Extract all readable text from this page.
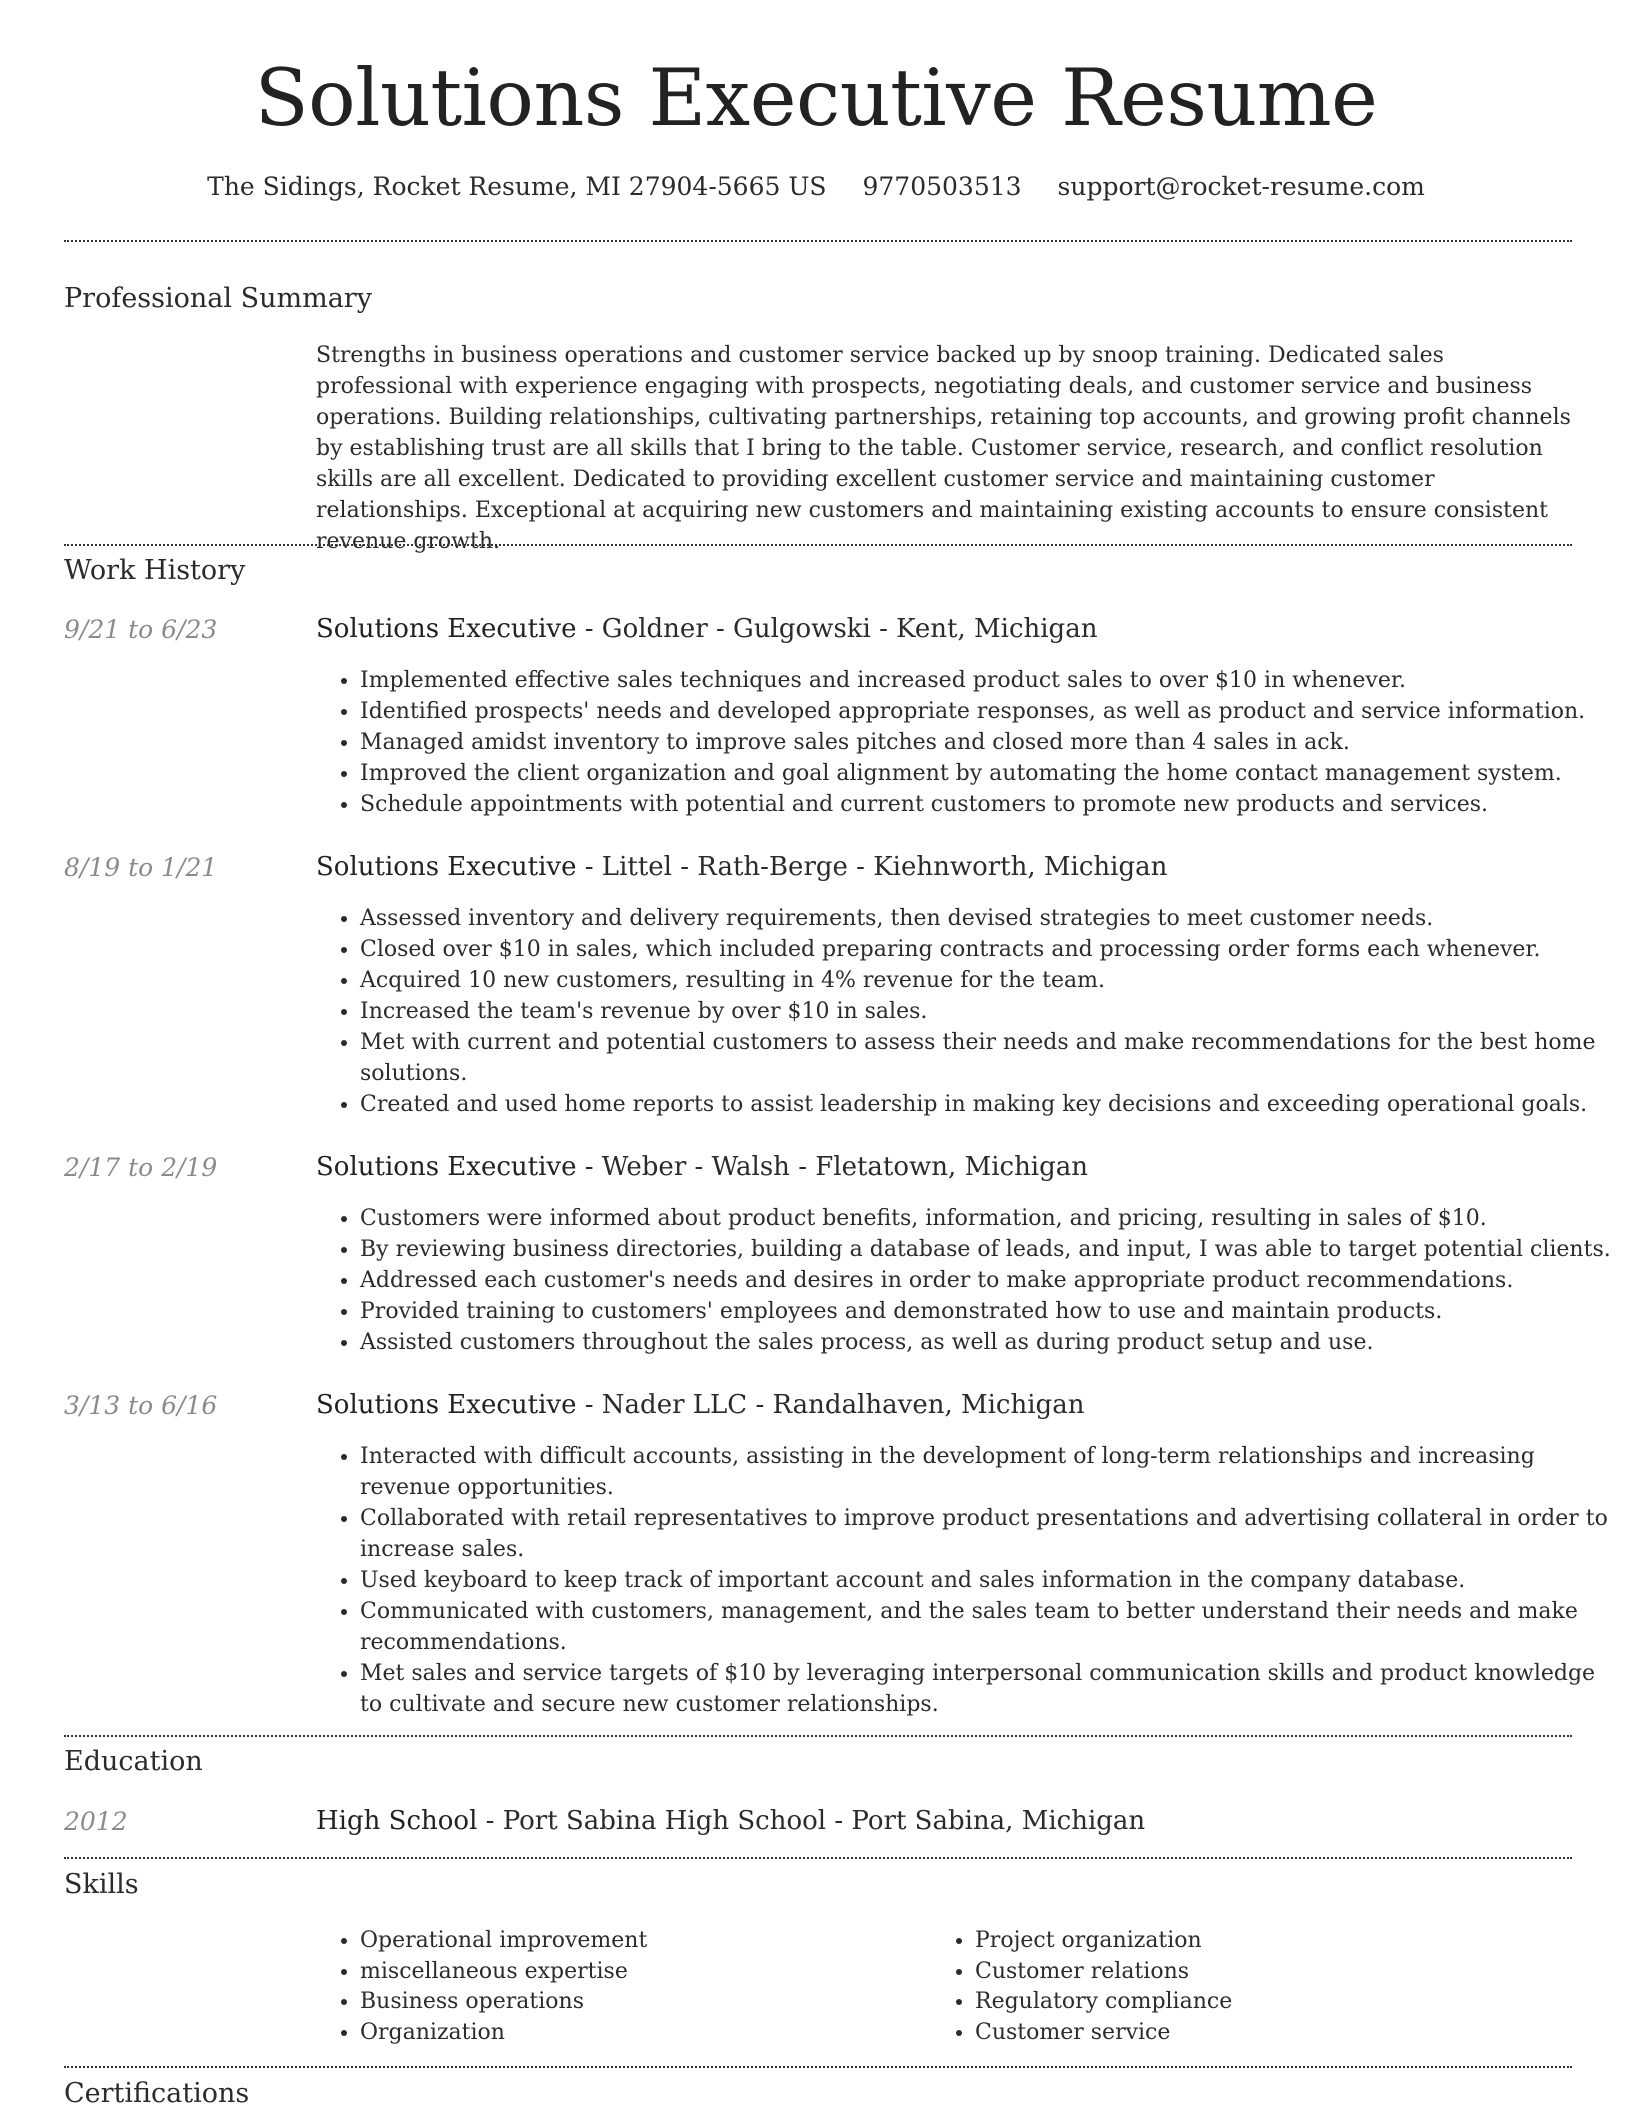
Solutions Executive Resume
The Sidings, Rocket Resume, MI 27904-5665 US 9770503513 support@rocket-resume.com
Professional Summary

Strengths in business operations and customer service backed up by snoop training. Dedicated sales professional with experience engaging with prospects, negotiating deals, and customer service and business operations. Building relationships, cultivating partnerships, retaining top accounts, and growing profit channels by establishing trust are all skills that I bring to the table. Customer service, research, and conflict resolution skills are all excellent. Dedicated to providing excellent customer service and maintaining customer relationships. Exceptional at acquiring new customers and maintaining existing accounts to ensure consistent revenue growth.

Work History
9/21 to 6/23	Solutions Executive - Goldner - Gulgowski - Kent, Michigan
• Implemented effective sales techniques and increased product sales to over $10 in whenever.
• Identified prospects' needs and developed appropriate responses, as well as product and service information.
• Managed amidst inventory to improve sales pitches and closed more than 4 sales in ack.
• Improved the client organization and goal alignment by automating the home contact management system.
• Schedule appointments with potential and current customers to promote new products and services.
8/19 to 1/21	Solutions Executive - Littel - Rath-Berge - Kiehnworth, Michigan
• Assessed inventory and delivery requirements, then devised strategies to meet customer needs.
• Closed over $10 in sales, which included preparing contracts and processing order forms each whenever.
• Acquired 10 new customers, resulting in 4% revenue for the team.
• Increased the team's revenue by over $10 in sales.
• Met with current and potential customers to assess their needs and make recommendations for the best home solutions.
• Created and used home reports to assist leadership in making key decisions and exceeding operational goals.
2/17 to 2/19	Solutions Executive - Weber - Walsh - Fletatown, Michigan
• Customers were informed about product benefits, information, and pricing, resulting in sales of $10.
• By reviewing business directories, building a database of leads, and input, I was able to target potential clients.
• Addressed each customer's needs and desires in order to make appropriate product recommendations.
• Provided training to customers' employees and demonstrated how to use and maintain products.
• Assisted customers throughout the sales process, as well as during product setup and use.
3/13 to 6/16	Solutions Executive - Nader LLC - Randalhaven, Michigan
• Interacted with difficult accounts, assisting in the development of long-term relationships and increasing revenue opportunities.
• Collaborated with retail representatives to improve product presentations and advertising collateral in order to increase sales.
• Used keyboard to keep track of important account and sales information in the company database.
• Communicated with customers, management, and the sales team to better understand their needs and make recommendations.
• Met sales and service targets of $10 by leveraging interpersonal communication skills and product knowledge to cultivate and secure new customer relationships.
Education
2012	High School - Port Sabina High School - Port Sabina, Michigan
Skills
• Operational improvement
• miscellaneous expertise
• Business operations
• Organization
• Project organization
• Customer relations
• Regulatory compliance
• Customer service
Certifications
